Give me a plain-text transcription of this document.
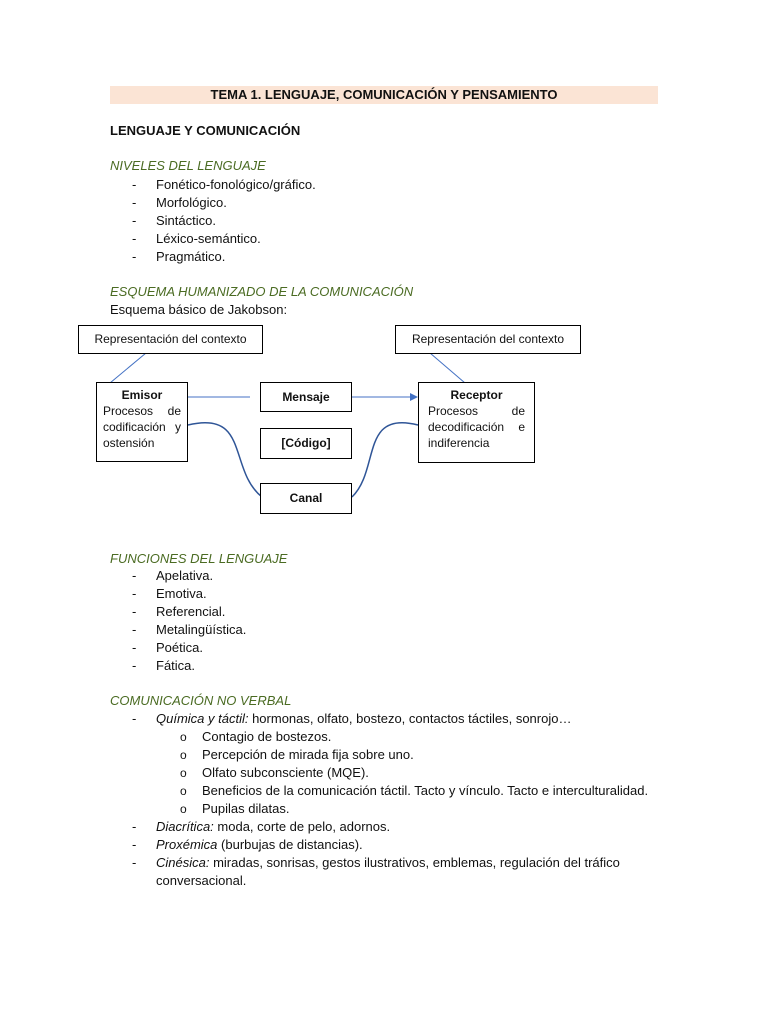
TEMA 1. LENGUAJE, COMUNICACIÓN Y PENSAMIENTO
LENGUAJE Y COMUNICACIÓN
NIVELES DEL LENGUAJE
- Fonético-fonológico/gráfico.
- Morfológico.
- Sintáctico.
- Léxico-semántico.
- Pragmático.
ESQUEMA HUMANIZADO DE LA COMUNICACIÓN
Esquema básico de Jakobson:
Representación del contexto	Representación del contexto
Emisor
Procesos de codificación y ostensión
Mensaje
[Código]
Canal
Receptor
Procesos de decodificación e indiferencia
FUNCIONES DEL LENGUAJE
- Apelativa.
- Emotiva.
- Referencial.
- Metalingüística.
- Poética.
- Fática.
COMUNICACIÓN NO VERBAL
- Química y táctil: hormonas, olfato, bostezo, contactos táctiles, sonrojo…
o Contagio de bostezos.
o Percepción de mirada fija sobre uno.
o Olfato subconsciente (MQE).
o Beneficios de la comunicación táctil. Tacto y vínculo. Tacto e interculturalidad.
o Pupilas dilatas.
- Diacrítica: moda, corte de pelo, adornos.
- Proxémica (burbujas de distancias).
- Cinésica: miradas, sonrisas, gestos ilustrativos, emblemas, regulación del tráfico conversacional.
